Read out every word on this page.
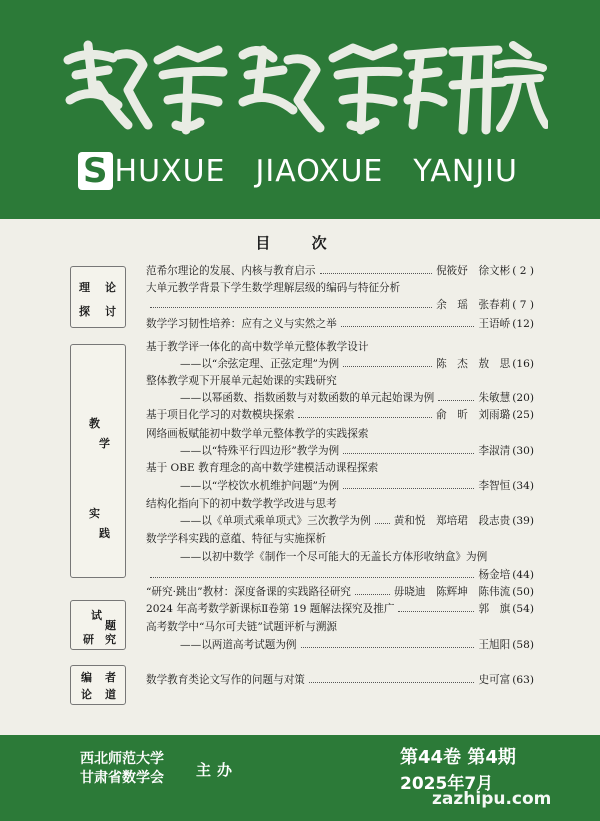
S HUXUE JIAOXUE YANJIU
目 次
理 论
探 讨
教
学
实
践
试
题
研 究
编 者
论 道
范希尔理论的发展、内核与教育启示	倪筱妤　徐文彬 ( 2 )
大单元教学背景下学生数学理解层级的编码与特征分析
余　瑶　张春莉 ( 7 )
数学学习韧性培养：应有之义与实然之举	王语峤 (12)
基于教学评一体化的高中数学单元整体教学设计
——以“余弦定理、正弦定理”为例	陈　杰　敖　思 (16)
整体教学观下开展单元起始课的实践研究
——以幂函数、指数函数与对数函数的单元起始课为例	朱敏慧 (20)
基于项目化学习的对数模块探索	俞　昕　刘雨璐 (25)
网络画板赋能初中数学单元整体教学的实践探索
——以“特殊平行四边形”教学为例	李淑清 (30)
基于 OBE 教育理念的高中数学建模活动课程探索
——以“学校饮水机维护问题”为例	李智恒 (34)
结构化指向下的初中数学教学改进与思考
——以《单项式乘单项式》三次教学为例 黄和悦　郑培珺　段志贵 (39)
数学学科实践的意蕴、特征与实施探析
——以初中数学《制作一个尽可能大的无盖长方体形收纳盒》为例
杨金培 (44)
“研究·跳出”教材：深度备课的实践路径研究	毋晓迪　陈辉坤　陈伟流 (50)
2024 年高考数学新课标Ⅱ卷第 19 题解法探究及推广	郭　旗 (54)
高考数学中“马尔可夫链”试题评析与溯源
——以两道高考试题为例	王旭阳 (58)
数学教育类论文写作的问题与对策	史可富 (63)
西北师范大学
甘肃省数学会 主办
第44卷 第4期
2025年7月
zazhipu.com
